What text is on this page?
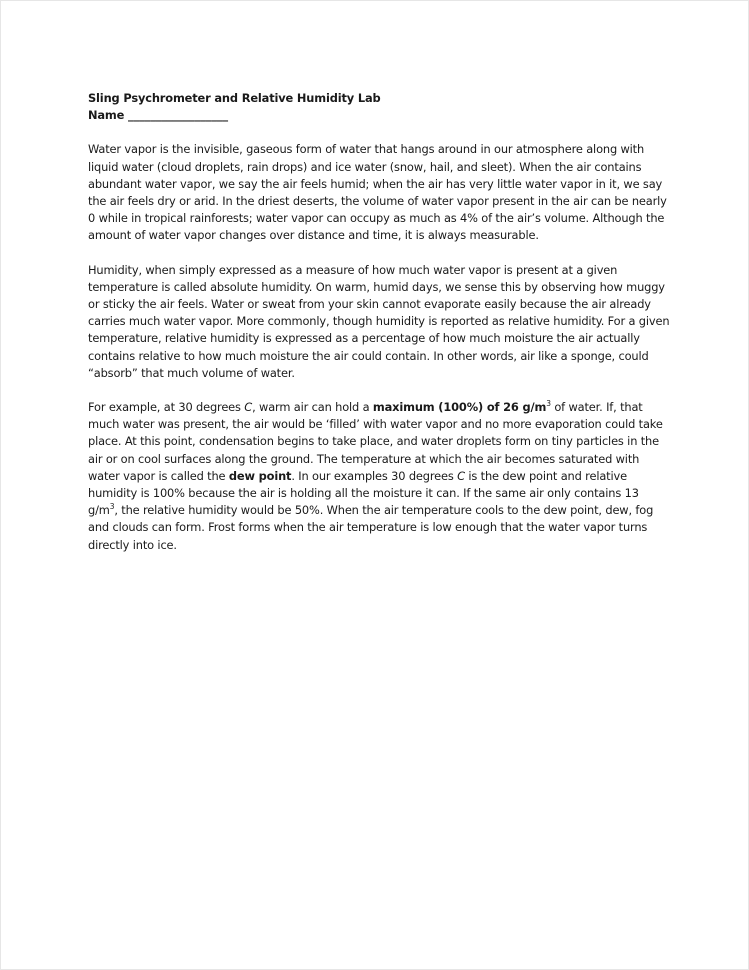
Sling Psychrometer and Relative Humidity Lab
Name __________________

Water vapor is the invisible, gaseous form of water that hangs around in our atmosphere along with liquid water (cloud droplets, rain drops) and ice water (snow, hail, and sleet). When the air contains abundant water vapor, we say the air feels humid; when the air has very little water vapor in it, we say the air feels dry or arid. In the driest deserts, the volume of water vapor present in the air can be nearly 0 while in tropical rainforests; water vapor can occupy as much as 4% of the air’s volume. Although the amount of water vapor changes over distance and time, it is always measurable.

Humidity, when simply expressed as a measure of how much water vapor is present at a given temperature is called absolute humidity. On warm, humid days, we sense this by observing how muggy or sticky the air feels. Water or sweat from your skin cannot evaporate easily because the air already carries much water vapor. More commonly, though humidity is reported as relative humidity. For a given temperature, relative humidity is expressed as a percentage of how much moisture the air actually contains relative to how much moisture the air could contain. In other words, air like a sponge, could “absorb” that much volume of water.

For example, at 30 degrees C, warm air can hold a maximum (100%) of 26 $g/m^3$ of water. If, that much water was present, the air would be ‘filled’ with water vapor and no more evaporation could take place. At this point, condensation begins to take place, and water droplets form on tiny particles in the air or on cool surfaces along the ground. The temperature at which the air becomes saturated with water vapor is called the dew point. In our examples 30 degrees C is the dew point and relative humidity is 100% because the air is holding all the moisture it can. If the same air only contains 13 $g/m^3$, the relative humidity would be 50%. When the air temperature cools to the dew point, dew, fog and clouds can form. Frost forms when the air temperature is low enough that the water vapor turns directly into ice.
